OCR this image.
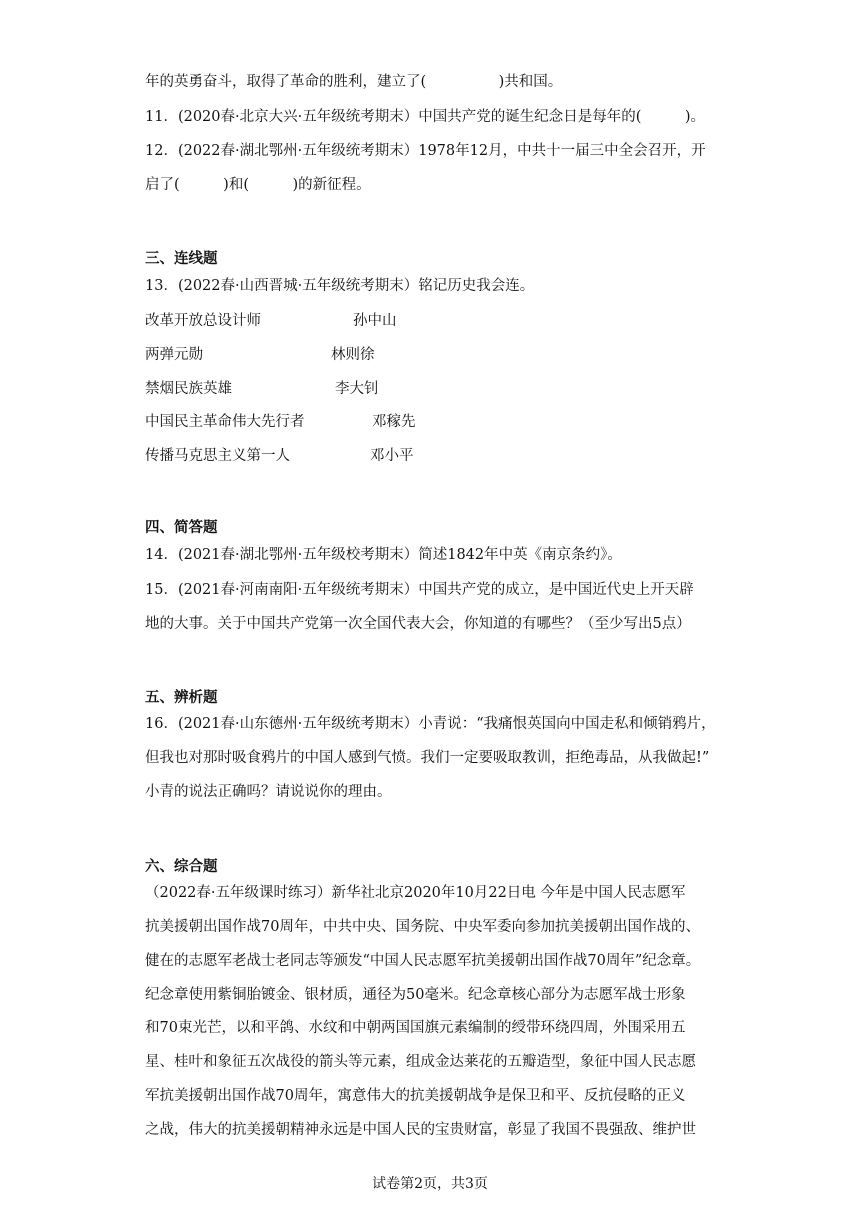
年的英勇奋斗，取得了革命的胜利，建立了(　　　　　)共和国。
11．(2020春·北京大兴·五年级统考期末）中国共产党的诞生纪念日是每年的(　　　)。
12．(2022春·湖北鄂州·五年级统考期末）1978年12月，中共十一届三中全会召开，开
启了(　　　)和(　　　)的新征程。
三、连线题
13．(2022春·山西晋城·五年级统考期末）铭记历史我会连。
改革开放总设计师	孙中山
两弹元勋	林则徐
禁烟民族英雄	李大钊
中国民主革命伟大先行者	邓稼先
传播马克思主义第一人	邓小平
四、简答题
14．(2021春·湖北鄂州·五年级校考期末）简述1842年中英《南京条约》。
15．(2021春·河南南阳·五年级统考期末）中国共产党的成立，是中国近代史上开天辟
地的大事。关于中国共产党第一次全国代表大会，你知道的有哪些？（至少写出5点）
五、辨析题
16．(2021春·山东德州·五年级统考期末）小青说：“我痛恨英国向中国走私和倾销鸦片，
但我也对那时吸食鸦片的中国人感到气愤。我们一定要吸取教训，拒绝毒品，从我做起!”
小青的说法正确吗？请说说你的理由。
六、综合题
（2022春·五年级课时练习）新华社北京2020年10月22日电 今年是中国人民志愿军
抗美援朝出国作战70周年，中共中央、国务院、中央军委向参加抗美援朝出国作战的、
健在的志愿军老战士老同志等颁发“中国人民志愿军抗美援朝出国作战70周年”纪念章。
纪念章使用紫铜胎镀金、银材质，通径为50毫米。纪念章核心部分为志愿军战士形象
和70束光芒，以和平鸽、水纹和中朝两国国旗元素编制的绶带环绕四周，外围采用五
星、桂叶和象征五次战役的箭头等元素，组成金达莱花的五瓣造型，象征中国人民志愿
军抗美援朝出国作战70周年，寓意伟大的抗美援朝战争是保卫和平、反抗侵略的正义
之战，伟大的抗美援朝精神永远是中国人民的宝贵财富，彰显了我国不畏强敌、维护世
试卷第2页，共3页
